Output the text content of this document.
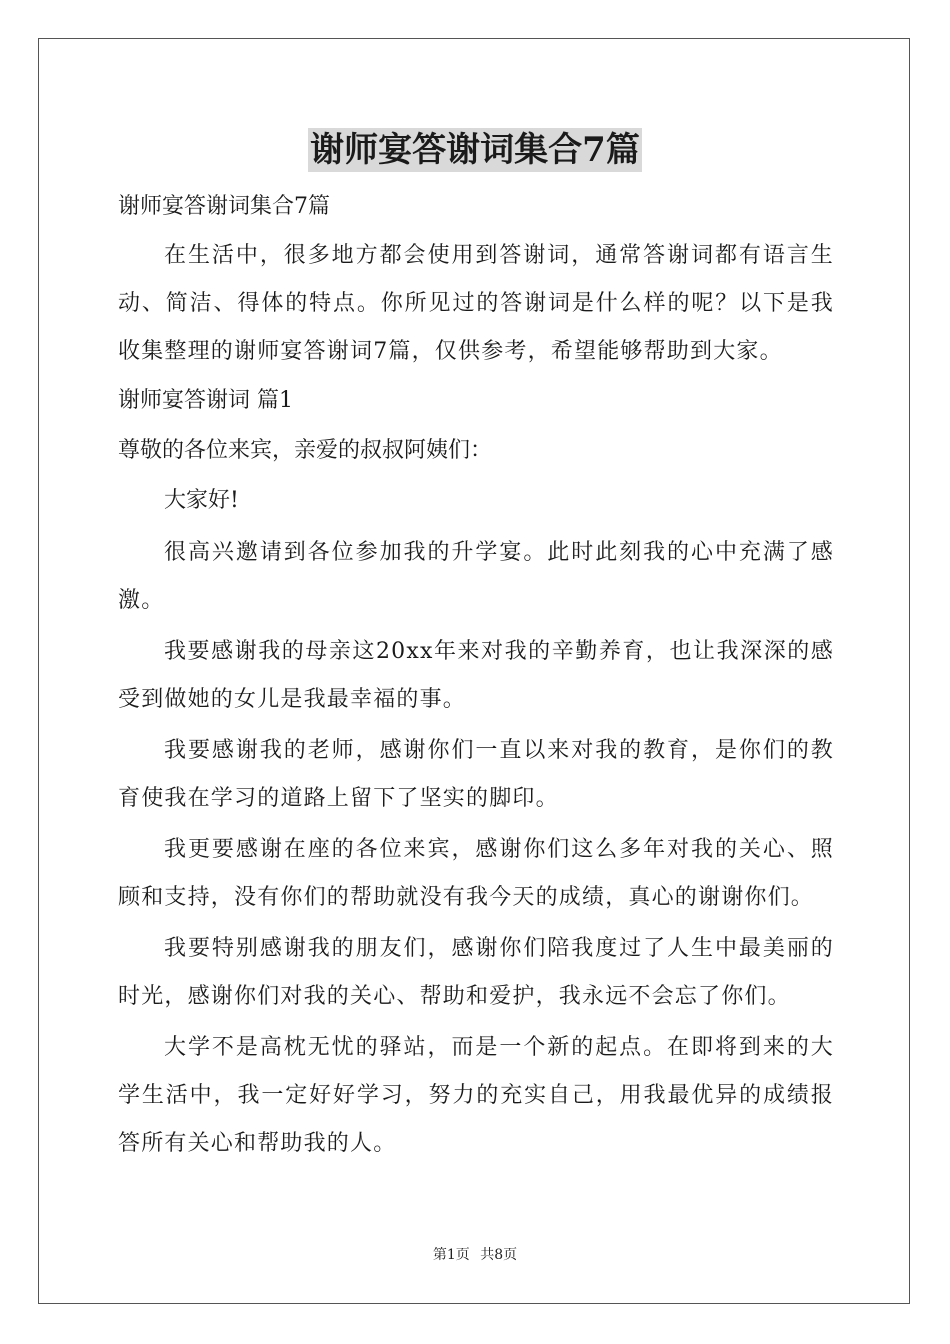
谢师宴答谢词集合7篇

谢师宴答谢词集合7篇

在生活中，很多地方都会使用到答谢词，通常答谢词都有语言生动、简洁、得体的特点。你所见过的答谢词是什么样的呢？以下是我收集整理的谢师宴答谢词7篇，仅供参考，希望能够帮助到大家。

谢师宴答谢词 篇1

尊敬的各位来宾，亲爱的叔叔阿姨们：

大家好!

很高兴邀请到各位参加我的升学宴。此时此刻我的心中充满了感激。

我要感谢我的母亲这20xx年来对我的辛勤养育，也让我深深的感受到做她的女儿是我最幸福的事。

我要感谢我的老师，感谢你们一直以来对我的教育，是你们的教育使我在学习的道路上留下了坚实的脚印。

我更要感谢在座的各位来宾，感谢你们这么多年对我的关心、照顾和支持，没有你们的帮助就没有我今天的成绩，真心的谢谢你们。

我要特别感谢我的朋友们，感谢你们陪我度过了人生中最美丽的时光，感谢你们对我的关心、帮助和爱护，我永远不会忘了你们。

大学不是高枕无忧的驿站，而是一个新的起点。在即将到来的大学生活中，我一定好好学习，努力的充实自己，用我最优异的成绩报答所有关心和帮助我的人。

第1页 共8页
